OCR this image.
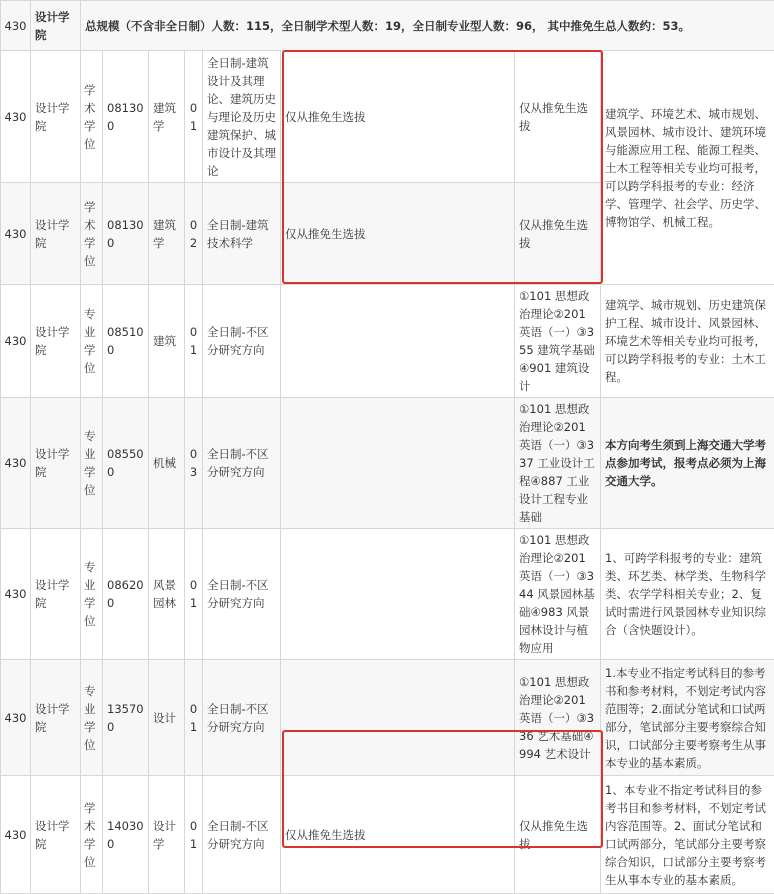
430	设计学院	总规模（不含非全日制）人数：115，全日制学术型人数：19，全日制专业型人数：96， 其中推免生总人数约：53。							
430	设计学院	学术学位	081300	建筑学	01	全日制-建筑设计及其理论、建筑历史与理论及历史建筑保护、城市设计及其理论	仅从推免生选拔	仅从推免生选拔	建筑学、环境艺术、城市规划、风景园林、城市设计、建筑环境与能源应用工程、能源工程类、土木工程等相关专业均可报考，可以跨学科报考的专业：经济学、管理学、社会学、历史学、博物馆学、机械工程。
430	设计学院	学术学位	081300	建筑学	02	全日制-建筑技术科学	仅从推免生选拔	仅从推免生选拔	
430	设计学院	专业学位	085100	建筑	01	全日制-不区分研究方向		①101 思想政治理论②201 英语（一）③355 建筑学基础④901 建筑设计	建筑学、城市规划、历史建筑保护工程、城市设计、风景园林、环境艺术等相关专业均可报考，可以跨学科报考的专业：土木工程。
430	设计学院	专业学位	085500	机械	03	全日制-不区分研究方向		①101 思想政治理论②201 英语（一）③337 工业设计工程④887 工业设计工程专业基础	本方向考生须到上海交通大学考点参加考试，报考点必须为上海交通大学。
430	设计学院	专业学位	086200	风景园林	01	全日制-不区分研究方向		①101 思想政治理论②201 英语（一）③344 风景园林基础④983 风景园林设计与植物应用	1、可跨学科报考的专业：建筑类、环艺类、林学类、生物科学类、农学学科相关专业；2、复试时需进行风景园林专业知识综合（含快题设计）。
430	设计学院	专业学位	135700	设计	01	全日制-不区分研究方向		①101 思想政治理论②201 英语（一）③336 艺术基础④994 艺术设计	1.本专业不指定考试科目的参考书和参考材料，不划定考试内容范围等；2.面试分笔试和口试两部分，笔试部分主要考察综合知识，口试部分主要考察考生从事本专业的基本素质。
430	设计学院	学术学位	140300	设计学	01	全日制-不区分研究方向	仅从推免生选拔	仅从推免生选拔	1、本专业不指定考试科目的参考书目和参考材料，不划定考试内容范围等。2、面试分笔试和口试两部分，笔试部分主要考察综合知识，口试部分主要考察考生从事本专业的基本素质。
